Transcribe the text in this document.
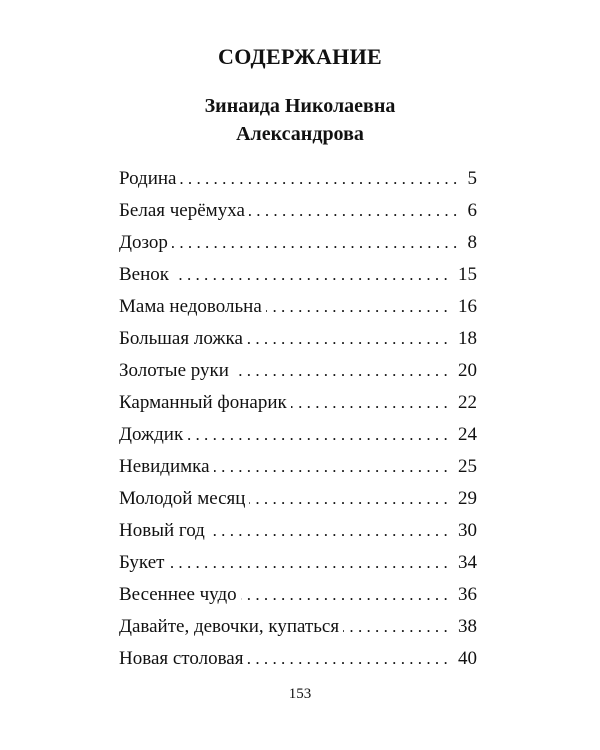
СОДЕРЖАНИЕ
Зинаида Николаевна
Александрова
Родина .....	5
Белая черёмуха .....	6
Дозор .....	8
Венок .....	15
Мама недовольна .....	16
Большая ложка .....	18
Золотые руки .....	20
Карманный фонарик .....	22
Дождик .....	24
Невидимка .....	25
Молодой месяц .....	29
Новый год .....	30
Букет .....	34
Весеннее чудо .....	36
Давайте, девочки, купаться .....	38
Новая столовая .....	40
153
